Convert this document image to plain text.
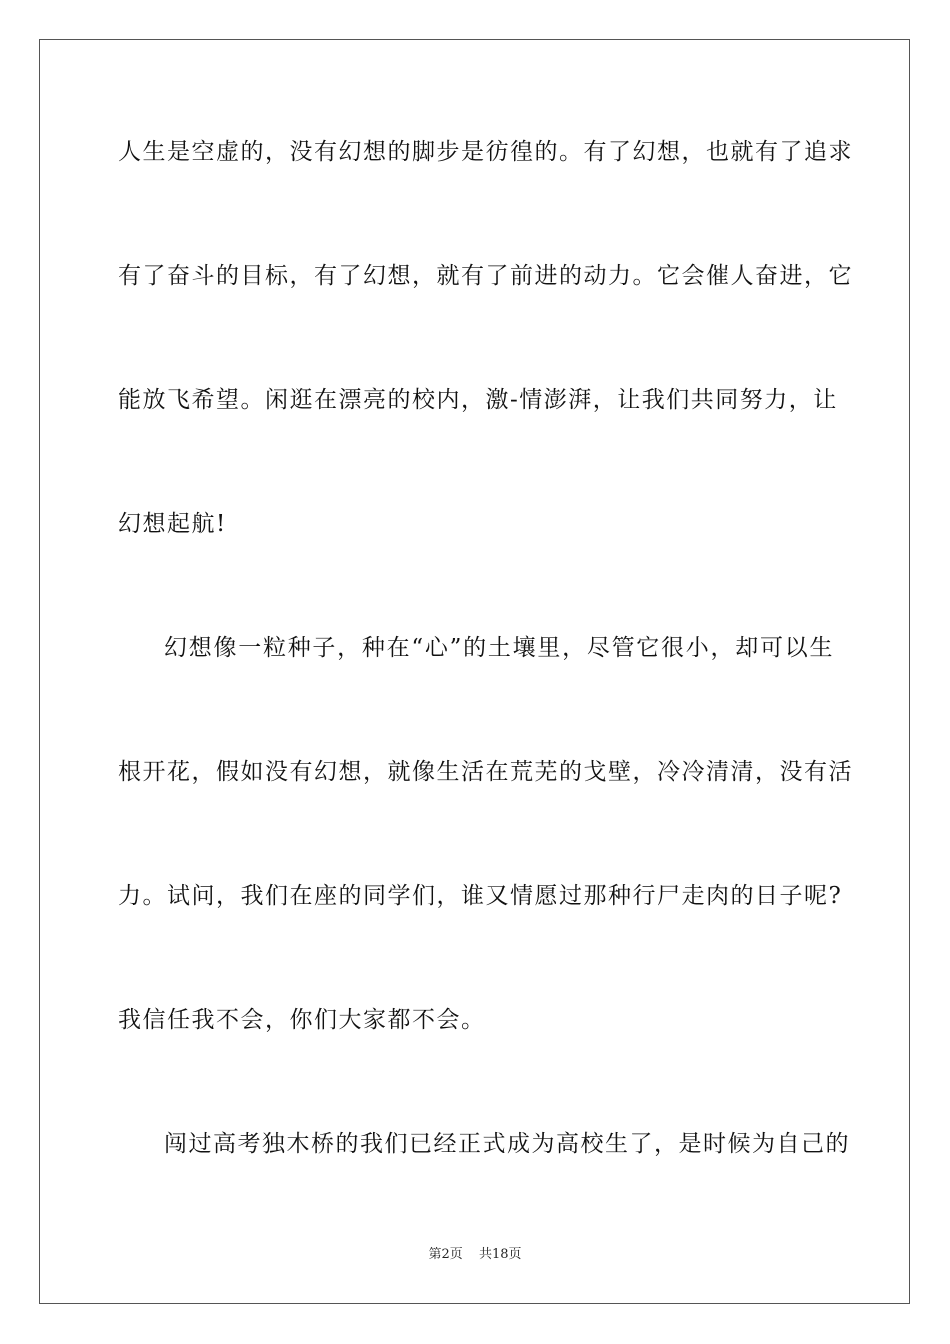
人生是空虚的，没有幻想的脚步是彷徨的。有了幻想，也就有了追求
有了奋斗的目标，有了幻想，就有了前进的动力。它会催人奋进，它
能放飞希望。闲逛在漂亮的校内，激-情澎湃，让我们共同努力，让
幻想起航!
幻想像一粒种子，种在“心”的土壤里，尽管它很小，却可以生
根开花，假如没有幻想，就像生活在荒芜的戈壁，冷冷清清，没有活
力。试问，我们在座的同学们，谁又情愿过那种行尸走肉的日子呢?
我信任我不会，你们大家都不会。
闯过高考独木桥的我们已经正式成为高校生了，是时候为自己的
第2页 共18页
